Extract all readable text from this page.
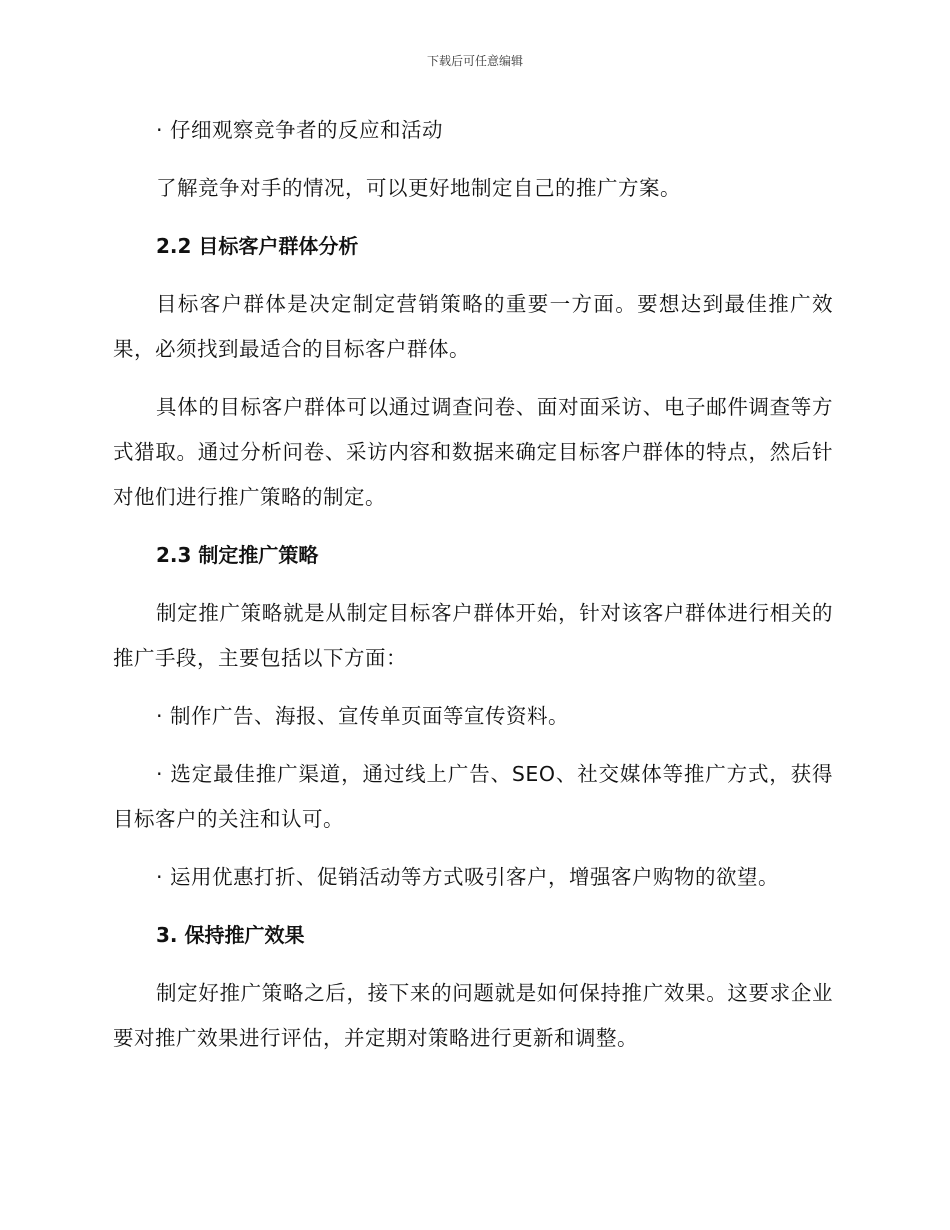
下载后可任意编辑

· 仔细观察竞争者的反应和活动

了解竞争对手的情况，可以更好地制定自己的推广方案。

2.2 目标客户群体分析

目标客户群体是决定制定营销策略的重要一方面。要想达到最佳推广效果，必须找到最适合的目标客户群体。

具体的目标客户群体可以通过调查问卷、面对面采访、电子邮件调查等方式猎取。通过分析问卷、采访内容和数据来确定目标客户群体的特点，然后针对他们进行推广策略的制定。

2.3 制定推广策略

制定推广策略就是从制定目标客户群体开始，针对该客户群体进行相关的推广手段，主要包括以下方面：

· 制作广告、海报、宣传单页面等宣传资料。

· 选定最佳推广渠道，通过线上广告、SEO、社交媒体等推广方式，获得目标客户的关注和认可。

· 运用优惠打折、促销活动等方式吸引客户，增强客户购物的欲望。

3. 保持推广效果

制定好推广策略之后，接下来的问题就是如何保持推广效果。这要求企业要对推广效果进行评估，并定期对策略进行更新和调整。
